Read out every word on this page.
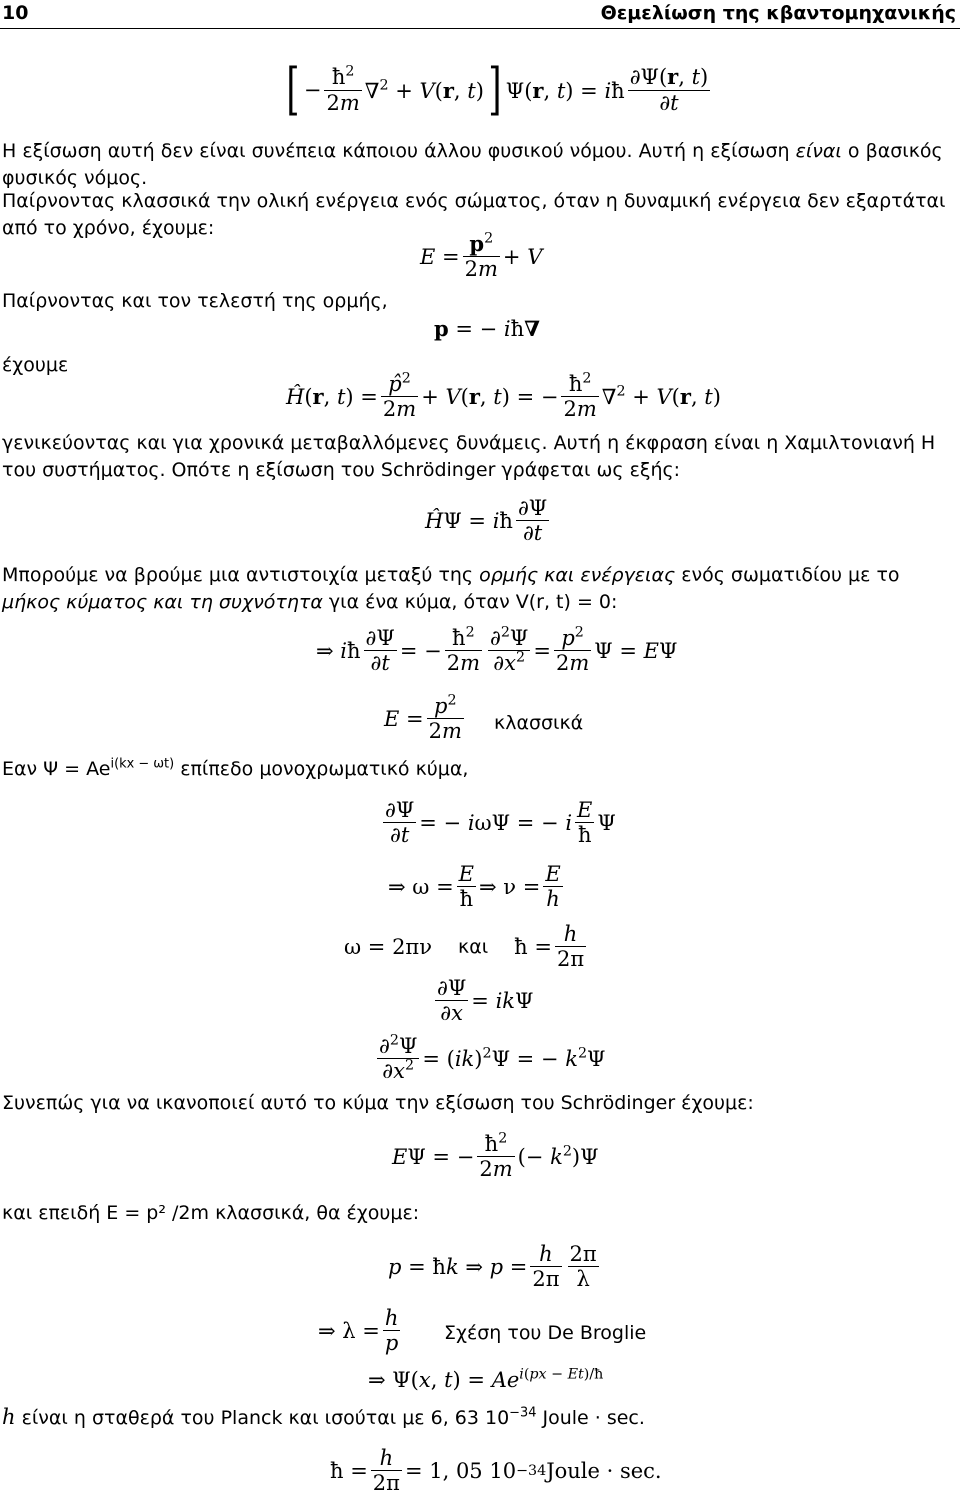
10	Θεμελίωση της κβαντομηχανικής
[ − $\frac{ħ^2}{2m} \nabla^2 + V(r$, t) ] Ψ(r, t) = iħ $\frac{\partial\Psi(r, t)}{\partial t}$
Η εξίσωση αυτή δεν είναι συνέπεια κάποιου άλλου φυσικού νόμου. Αυτή η εξίσωση είναι ο βασικός φυσικός νόμος.
Παίρνοντας κλασσικά την ολική ενέργεια ενός σώματος, όταν η δυναμική ενέργεια δεν εξαρτάται από το χρόνο, έχουμε:
$E = \frac{p^2}{2m} + V$
Παίρνοντας και τον τελεστή της ορμής,
p = − iħ∇
έχουμε
Ĥ(r, $t) = \frac{p̂^2}{2m} + V(r$, t) = − $\frac{ħ^2}{2m} \nabla^2 + V(r$, t)
γενικεύοντας και για χρονικά μεταβαλλόμενες δυνάμεις. Αυτή η έκφραση είναι η Χαμιλτονιανή H του συστήματος. Οπότε η εξίσωση του Schrödinger γράφεται ως εξής:
ĤΨ = iħ $\frac{\partial\Psi}{\partial t}$
Μπορούμε να βρούμε μια αντιστοιχία μεταξύ της ορμής και ενέργειας ενός σωματιδίου με το μήκος κύματος και τη συχνότητα για ένα κύμα, όταν V(r, t) = 0:
⇒ iħ $\frac{\partial\Psi}{\partial t}$ = − $\frac{ħ^2}{2m} \frac{\partial^2\Psi}{\partial x^2} = \frac{p^2}{2m}$ Ψ = EΨ
$E = \frac{p^2}{2m}$ κλασσικά
Εαν $\Psi = Ae^{i(kx - \omega t)}$ επίπεδο μονοχρωματικό κύμα,
$\frac{\partial\Psi}{\partial t}$ = − iωΨ = − i $\frac{E}{ħ}$ Ψ
⇒ $\omega = \frac{E}{ħ}$ ⇒ $\nu = \frac{E}{h}$
ω = 2πν και ħ = $\frac{h}{2\pi}$
$\frac{\partial\Psi}{\partial x} = ik\Psi$
$\frac{\partial^2\Psi}{\partial x^2} = (ik)^2\Psi$ = − $k^2\Psi$
Συνεπώς για να ικανοποιεί αυτό το κύμα την εξίσωση του Schrödinger έχουμε:
EΨ = − $\frac{ħ^2}{2m}$ (− $k^2)\Psi$
και επειδή E = p² /2m κλασσικά, θα έχουμε:
p = ħk ⇒ $p = \frac{h}{2\pi} \frac{2\pi}{\lambda}$
⇒ $\lambda = \frac{h}{p}$ Σχέση του De Broglie
⇒ Ψ(x, $t) = Ae^{i(px - Et)/ħ}$
h είναι η σταθερά του Planck και ισούται με 6, 63 $10^{-34}$ Joule · sec.
ħ = $\frac{h}{2\pi} = 1$, 05 10 −34 Joule · sec.
